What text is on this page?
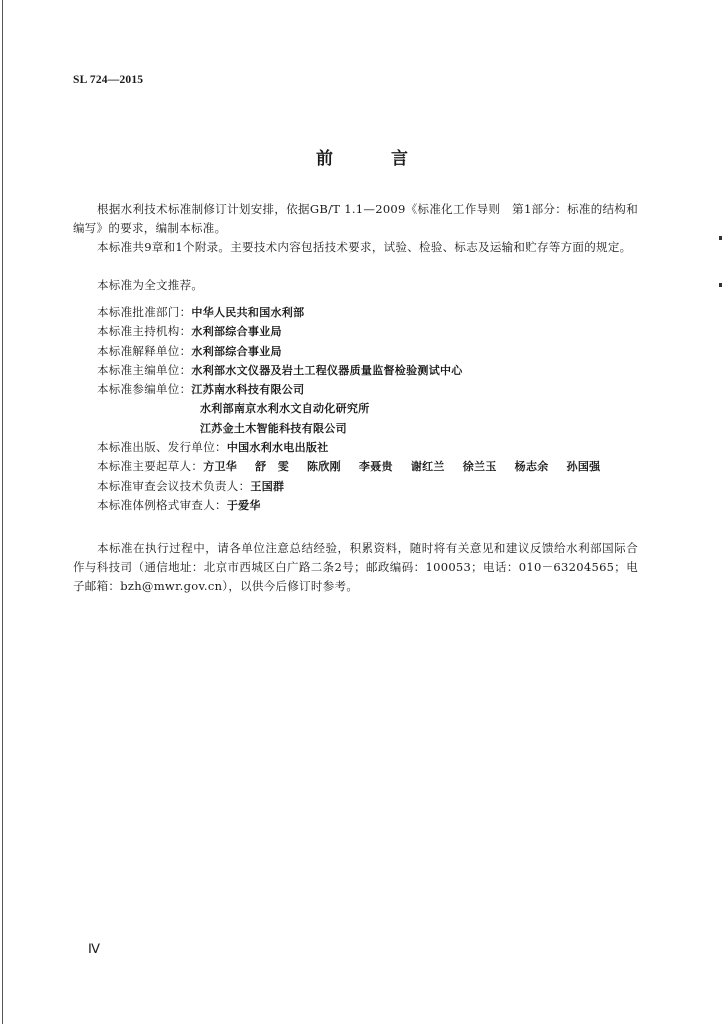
SL 724—2015
前 言
根据水利技术标准制修订计划安排，依据GB/T 1.1—2009《标准化工作导则　第1部分：标准的结构和编写》的要求，编制本标准。
本标准共9章和1个附录。主要技术内容包括技术要求，试验、检验、标志及运输和贮存等方面的规定。
本标准为全文推荐。
本标准批准部门：中华人民共和国水利部
本标准主持机构：水利部综合事业局
本标准解释单位：水利部综合事业局
本标准主编单位：水利部水文仪器及岩土工程仪器质量监督检验测试中心
本标准参编单位：江苏南水科技有限公司
水利部南京水利水文自动化研究所
江苏金土木智能科技有限公司
本标准出版、发行单位：中国水利水电出版社
本标准主要起草人：方卫华 舒　雯 陈欣刚 李聂贵 谢红兰 徐兰玉 杨志余 孙国强
本标准审查会议技术负责人：王国群
本标准体例格式审查人：于爱华
本标准在执行过程中，请各单位注意总结经验，积累资料，随时将有关意见和建议反馈给水利部国际合作与科技司（通信地址：北京市西城区白广路二条2号；邮政编码：100053；电话：010－63204565；电子邮箱：bzh@mwr.gov.cn），以供今后修订时参考。
Ⅳ
